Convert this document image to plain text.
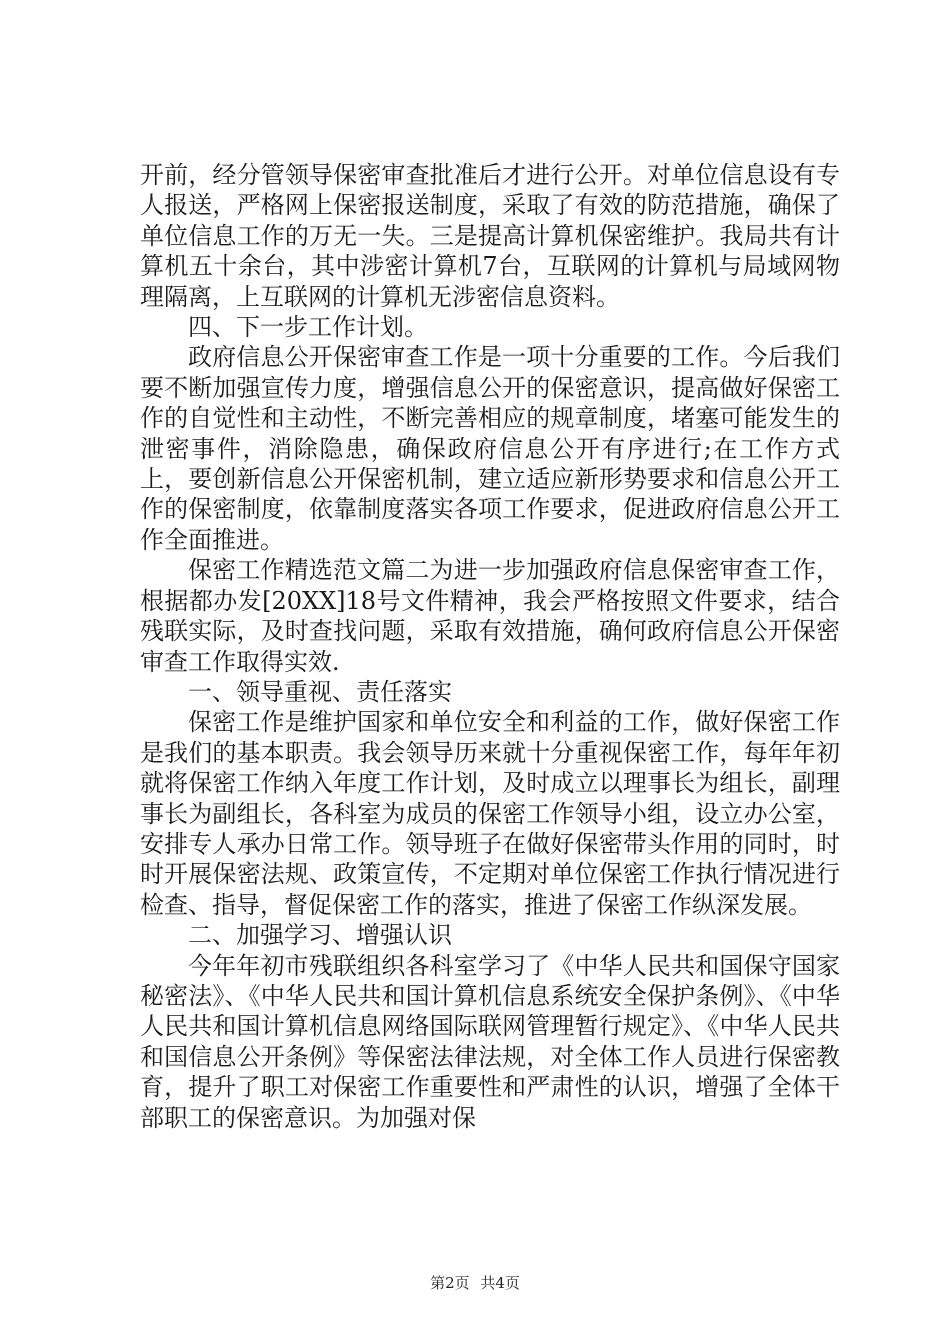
开前，经分管领导保密审查批准后才进行公开。对单位信息设有专人报送，严格网上保密报送制度，采取了有效的防范措施，确保了单位信息工作的万无一失。三是提高计算机保密维护。我局共有计算机五十余台，其中涉密计算机7台，互联网的计算机与局域网物理隔离，上互联网的计算机无涉密信息资料。

四、下一步工作计划。

政府信息公开保密审查工作是一项十分重要的工作。今后我们要不断加强宣传力度，增强信息公开的保密意识，提高做好保密工作的自觉性和主动性，不断完善相应的规章制度，堵塞可能发生的泄密事件，消除隐患，确保政府信息公开有序进行;在工作方式上，要创新信息公开保密机制，建立适应新形势要求和信息公开工作的保密制度，依靠制度落实各项工作要求，促进政府信息公开工作全面推进。

保密工作精选范文篇二为进一步加强政府信息保密审查工作，根据都办发[20XX]18号文件精神，我会严格按照文件要求，结合残联实际，及时查找问题，采取有效措施，确何政府信息公开保密审查工作取得实效.

一、领导重视、责任落实

保密工作是维护国家和单位安全和利益的工作，做好保密工作是我们的基本职责。我会领导历来就十分重视保密工作，每年年初就将保密工作纳入年度工作计划，及时成立以理事长为组长，副理事长为副组长，各科室为成员的保密工作领导小组，设立办公室，安排专人承办日常工作。领导班子在做好保密带头作用的同时，时时开展保密法规、政策宣传，不定期对单位保密工作执行情况进行检查、指导，督促保密工作的落实，推进了保密工作纵深发展。

二、加强学习、增强认识

今年年初市残联组织各科室学习了《中华人民共和国保守国家秘密法》、《中华人民共和国计算机信息系统安全保护条例》、《中华人民共和国计算机信息网络国际联网管理暂行规定》、《中华人民共和国信息公开条例》等保密法律法规，对全体工作人员进行保密教育，提升了职工对保密工作重要性和严肃性的认识，增强了全体干部职工的保密意识。为加强对保

第2页 共4页
